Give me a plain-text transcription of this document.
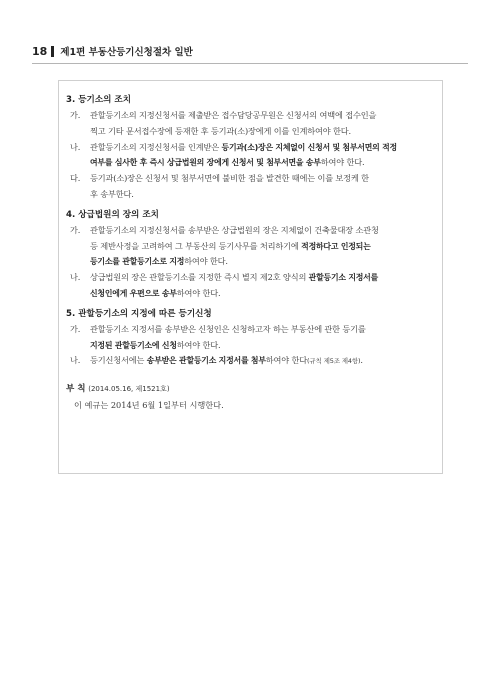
18 제1편 부동산등기신청절차 일반
3. 등기소의 조치
가.	관할등기소의 지정신청서를 제출받은 접수담당공무원은 신청서의 여백에 접수인을
찍고 기타 문서접수장에 등재한 후 등기과(소)장에게 이를 인계하여야 한다.
나.	관할등기소의 지정신청서를 인계받은 등기과(소)장은 지체없이 신청서 및 첨부서면의 적정
여부를 심사한 후 즉시 상급법원의 장에게 신청서 및 첨부서면을 송부하여야 한다.
다.	등기과(소)장은 신청서 및 첨부서면에 불비한 점을 발견한 때에는 이를 보정케 한
후 송부한다.
4. 상급법원의 장의 조치
가.	관할등기소의 지정신청서를 송부받은 상급법원의 장은 지체없이 건축물대장 소관청
등 제반사정을 고려하여 그 부동산의 등기사무를 처리하기에 적정하다고 인정되는
등기소를 관할등기소로 지정하여야 한다.
나.	상급법원의 장은 관할등기소를 지정한 즉시 별지 제2호 양식의 관할등기소 지정서를
신청인에게 우편으로 송부하여야 한다.
5. 관할등기소의 지정에 따른 등기신청
가.	관할등기소 지정서를 송부받은 신청인은 신청하고자 하는 부동산에 관한 등기를
지정된 관할등기소에 신청하여야 한다.
나.	등기신청서에는 송부받은 관할등기소 지정서를 첨부하여야 한다(규칙 제5조 제4항).
부 칙 (2014.05.16, 제1521호)
이 예규는 2014년 6월 1일부터 시행한다.
